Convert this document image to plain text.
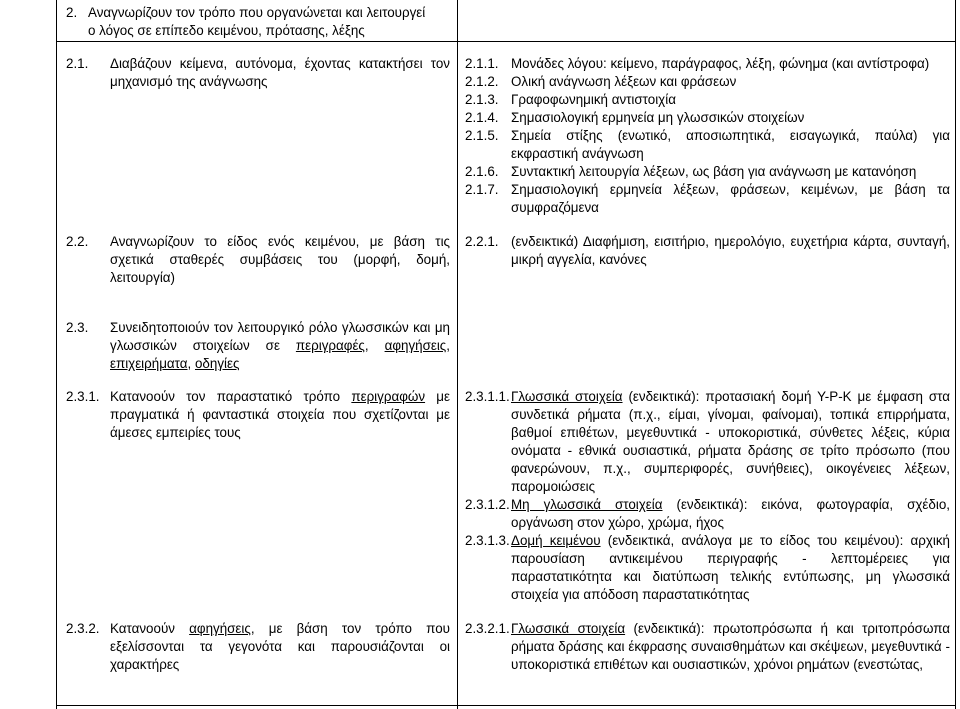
2. Αναγνωρίζουν τον τρόπο που οργανώνεται και λειτουργεί
ο λόγος σε επίπεδο κειμένου, πρότασης, λέξης
2.1. Διαβάζουν κείμενα, αυτόνομα, έχοντας κατακτήσει τον μηχανισμό της ανάγνωσης
2.1.1. Μονάδες λόγου: κείμενο, παράγραφος, λέξη, φώνημα (και αντίστροφα)
2.1.2. Ολική ανάγνωση λέξεων και φράσεων
2.1.3. Γραφοφωνημική αντιστοιχία
2.1.4. Σημασιολογική ερμηνεία μη γλωσσικών στοιχείων
2.1.5. Σημεία στίξης (ενωτικό, αποσιωπητικά, εισαγωγικά, παύλα) για εκφραστική ανάγνωση
2.1.6. Συντακτική λειτουργία λέξεων, ως βάση για ανάγνωση με κατανόηση
2.1.7. Σημασιολογική ερμηνεία λέξεων, φράσεων, κειμένων, με βάση τα συμφραζόμενα
2.2. Αναγνωρίζουν το είδος ενός κειμένου, με βάση τις σχετικά σταθερές συμβάσεις του (μορφή, δομή, λειτουργία)
2.2.1. (ενδεικτικά) Διαφήμιση, εισιτήριο, ημερολόγιο, ευχετήρια κάρτα, συνταγή, μικρή αγγελία, κανόνες
2.3. Συνειδητοποιούν τον λειτουργικό ρόλο γλωσσικών και μη γλωσσικών στοιχείων σε περιγραφές, αφηγήσεις, επιχειρήματα, οδηγίες
2.3.1. Κατανοούν τον παραστατικό τρόπο περιγραφών με πραγματικά ή φανταστικά στοιχεία που σχετίζονται με άμεσες εμπειρίες τους
2.3.1.1. Γλωσσικά στοιχεία (ενδεικτικά): προτασιακή δομή Υ-Ρ-Κ με έμφαση στα συνδετικά ρήματα (π.χ., είμαι, γίνομαι, φαίνομαι), τοπικά επιρρήματα, βαθμοί επιθέτων, μεγεθυντικά - υποκοριστικά, σύνθετες λέξεις, κύρια ονόματα - εθνικά ουσιαστικά, ρήματα δράσης σε τρίτο πρόσωπο (που φανερώνουν, π.χ., συμπεριφορές, συνήθειες), οικογένειες λέξεων, παρομοιώσεις
2.3.1.2. Μη γλωσσικά στοιχεία (ενδεικτικά): εικόνα, φωτογραφία, σχέδιο, οργάνωση στον χώρο, χρώμα, ήχος
2.3.1.3. Δομή κειμένου (ενδεικτικά, ανάλογα με το είδος του κειμένου): αρχική παρουσίαση αντικειμένου περιγραφής - λεπτομέρειες για παραστατικότητα και διατύπωση τελικής εντύπωσης, μη γλωσσικά στοιχεία για απόδοση παραστατικότητας
2.3.2. Κατανοούν αφηγήσεις, με βάση τον τρόπο που εξελίσσονται τα γεγονότα και παρουσιάζονται οι χαρακτήρες
2.3.2.1. Γλωσσικά στοιχεία (ενδεικτικά): πρωτοπρόσωπα ή και τριτοπρόσωπα ρήματα δράσης και έκφρασης συναισθημάτων και σκέψεων, μεγεθυντικά - υποκοριστικά επιθέτων και ουσιαστικών, χρόνοι ρημάτων (ενεστώτας,
